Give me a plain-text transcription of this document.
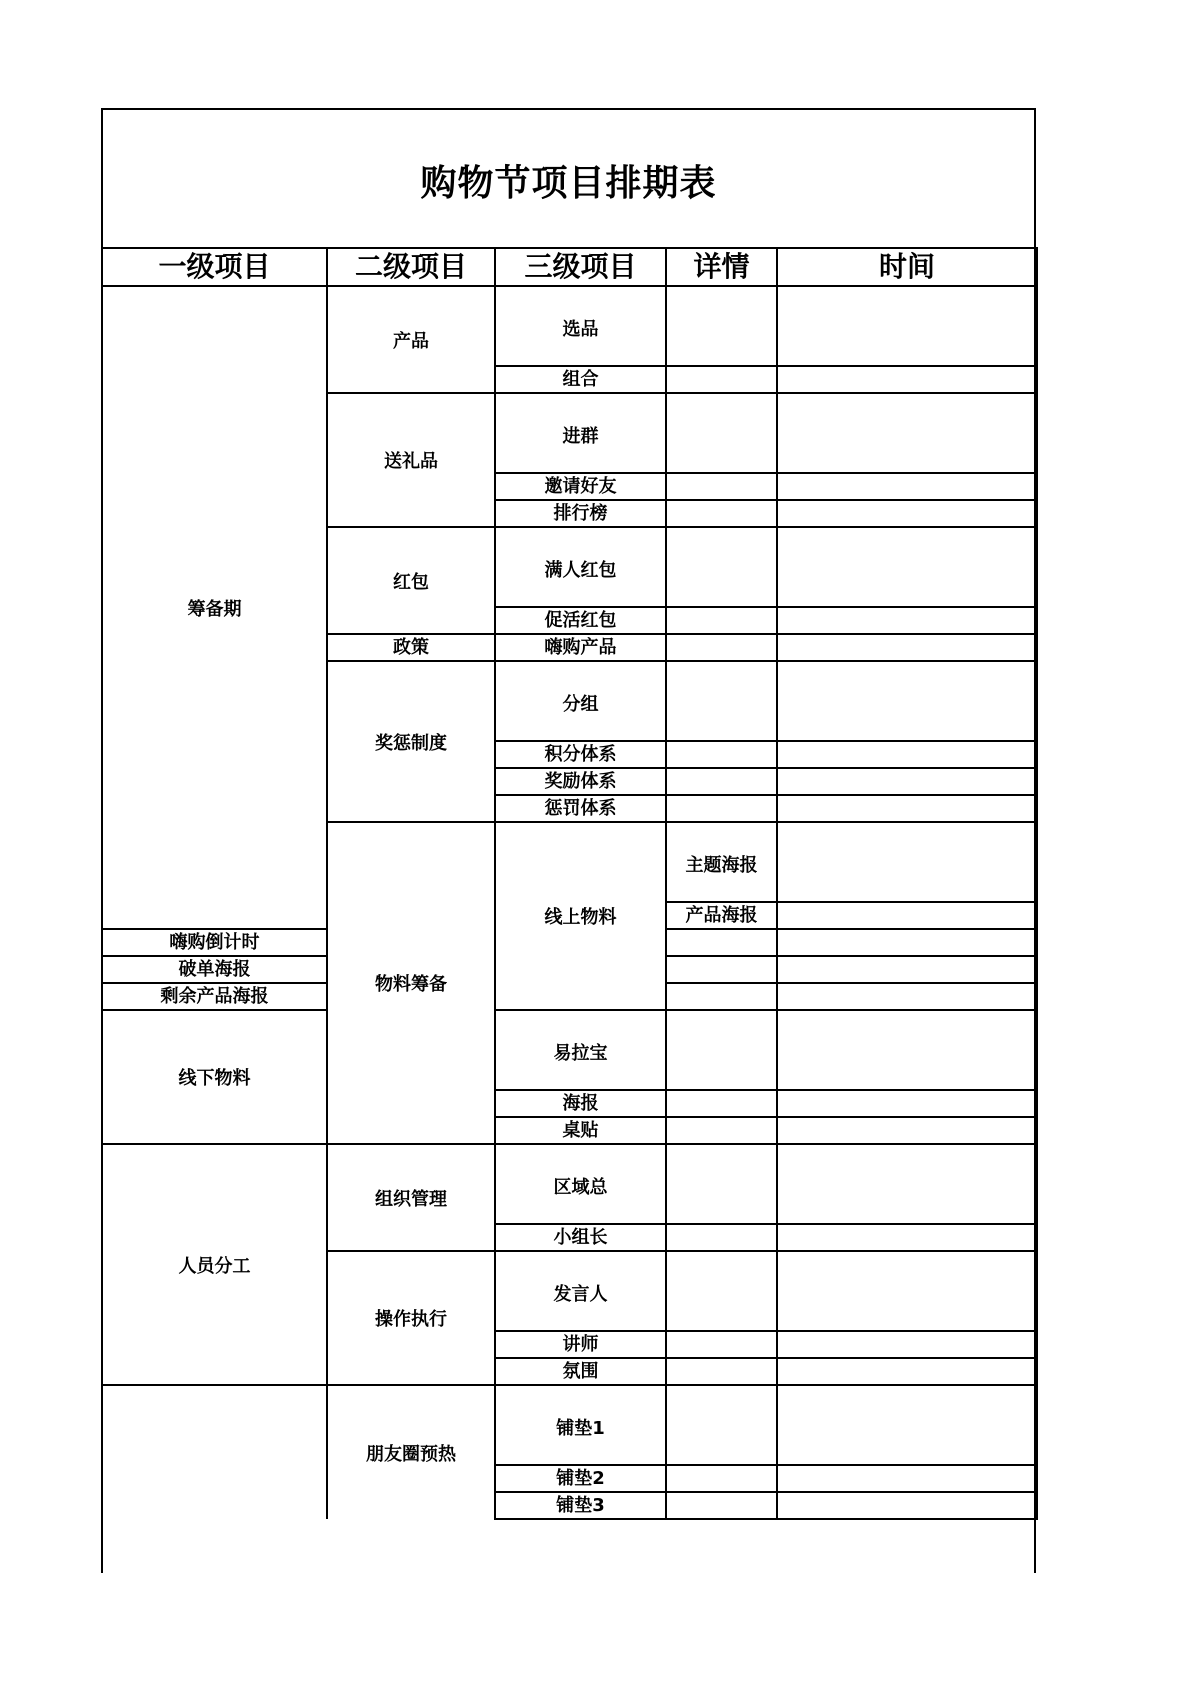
购物节项目排期表
一级项目	二级项目	三级项目	详情	时间	
筹备期	产品	选品			
		组合			
	送礼品	进群			
		邀请好友			
		排行榜			
	红包	满人红包			
		促活红包			
	政策	嗨购产品			
	奖惩制度	分组			
		积分体系			
		奖励体系			
		惩罚体系			
	物料筹备	线上物料	主题海报		
			产品海报		
嗨购倒计时					
破单海报					
剩余产品海报					
线下物料		易拉宝			
		海报			
		桌贴			
人员分工	组织管理	区域总			
		小组长			
	操作执行	发言人			
		讲师			
		氛围			
	朋友圈预热	铺垫1			
		铺垫2			
		铺垫3			
